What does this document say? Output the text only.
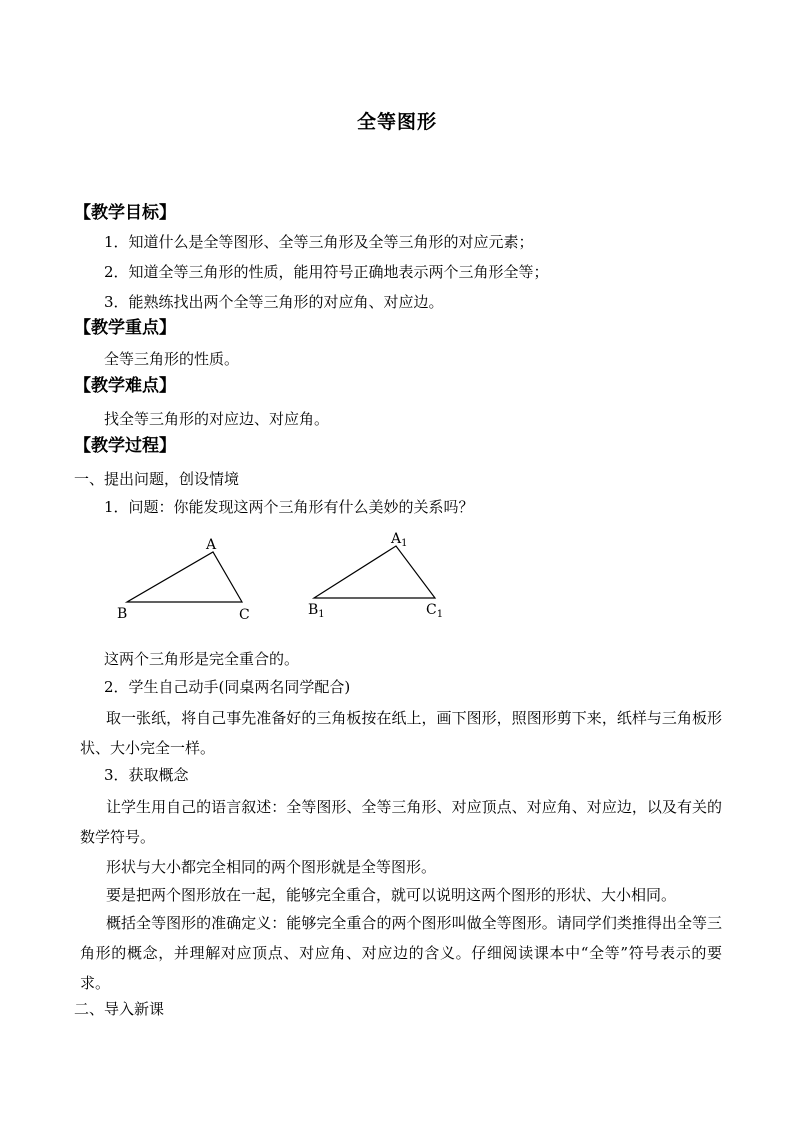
全等图形
【教学目标】
1．知道什么是全等图形、全等三角形及全等三角形的对应元素；
2．知道全等三角形的性质，能用符号正确地表示两个三角形全等；
3．能熟练找出两个全等三角形的对应角、对应边。
【教学重点】
全等三角形的性质。
【教学难点】
找全等三角形的对应边、对应角。
【教学过程】
一、提出问题，创设情境
1．问题：你能发现这两个三角形有什么美妙的关系吗？
A
B	C
$A_1$
$B_1$	$C_1$
这两个三角形是完全重合的。
2．学生自己动手(同桌两名同学配合)
取一张纸，将自己事先准备好的三角板按在纸上，画下图形，照图形剪下来，纸样与三角板形状、大小完全一样。
3．获取概念
让学生用自己的语言叙述：全等图形、全等三角形、对应顶点、对应角、对应边，以及有关的数学符号。
形状与大小都完全相同的两个图形就是全等图形。
要是把两个图形放在一起，能够完全重合，就可以说明这两个图形的形状、大小相同。
概括全等图形的准确定义：能够完全重合的两个图形叫做全等图形。请同学们类推得出全等三角形的概念，并理解对应顶点、对应角、对应边的含义。仔细阅读课本中“全等”符号表示的要求。
二、导入新课
